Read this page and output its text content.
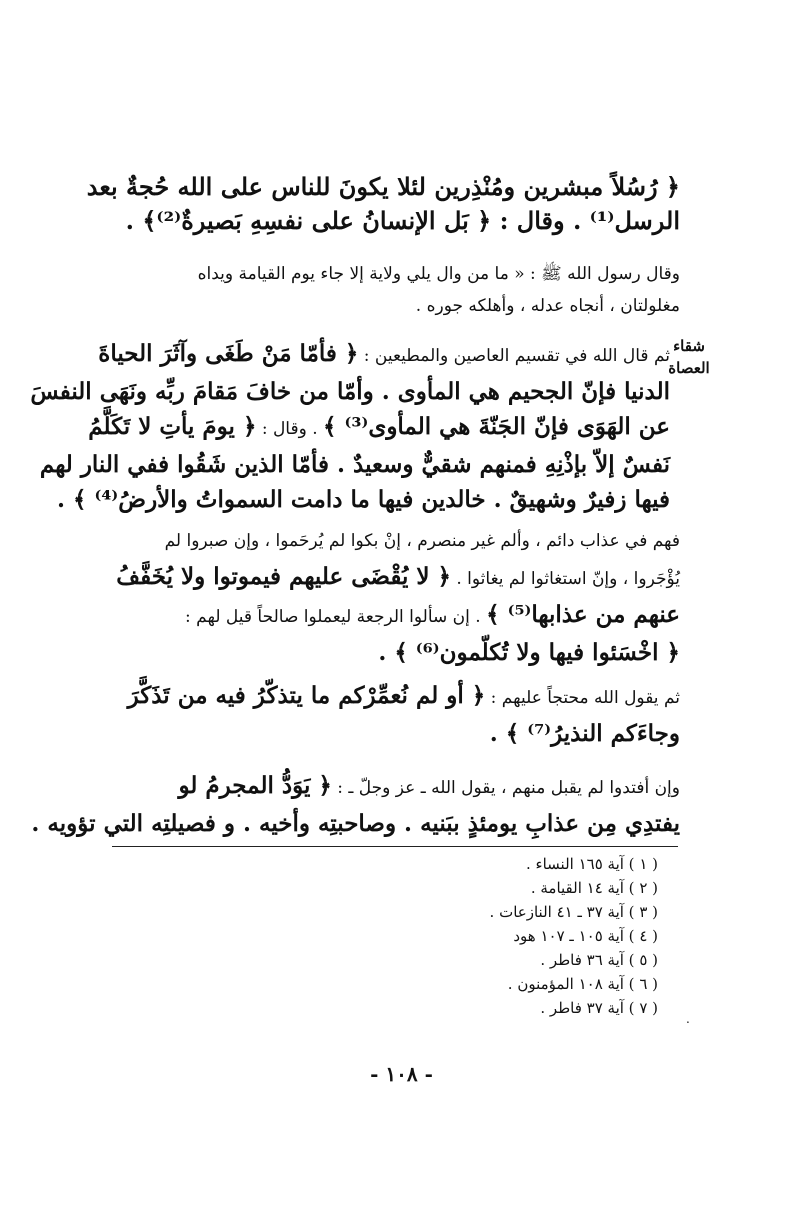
﴿ رُسُلاً مبشرين ومُنْذِرين لئلا يكونَ للناس على الله حُجةٌ بعد
الرسل⁽¹⁾ . وقال : ﴿ بَل الإنسانُ على نفسِهِ بَصيرةٌ⁽²⁾﴾ .
وقال رسول الله ﷺ : « ما من وال يلي ولاية إلا جاء يوم القيامة ويداه
مغلولتان ، أنجاه عدله ، وأهلكه جوره .
شقاء العصاة
ثم قال الله في تقسيم العاصين والمطيعين : ﴿ فأمّا مَنْ طَغَى وآثَرَ الحياةَ
الدنيا فإنّ الجحيم هي المأوى . وأمّا من خافَ مَقامَ ربِّه ونَهَى النفسَ
عن الهَوَى فإنّ الجَنّةَ هي المأوى⁽³⁾ ﴾ . وقال : ﴿ يومَ يأتِ لا تَكَلَّمُ
نَفسٌ إلاّ بإذْنِهِ فمنهم شقيٌّ وسعيدٌ . فأمّا الذين شَقُوا ففي النار لهم
فيها زفيرٌ وشهيقٌ . خالدين فيها ما دامت السمواتُ والأرضُ⁽⁴⁾ ﴾ .
فهم في عذاب دائم ، وألم غير منصرم ، إنْ بكوا لم يُرحَموا ، وإن صبروا لم
يُؤْجَروا ، وإنّ استغاثوا لم يغاثوا . ﴿ لا يُقْضَى عليهم فيموتوا ولا يُخَفَّفُ
عنهم من عذابها⁽⁵⁾ ﴾ . إن سألوا الرجعة ليعملوا صالحاً قيل لهم :
﴿ اخْسَئوا فيها ولا تُكلّمون⁽⁶⁾ ﴾ .
ثم يقول الله محتجاً عليهم : ﴿ أو لم نُعمِّرْكم ما يتذكّرُ فيه من تَذَكَّرَ
وجاءَكم النذيرُ⁽⁷⁾ ﴾ .
وإن أفتدوا لم يقبل منهم ، يقول الله ـ عز وجلّ ـ : ﴿ يَوَدُّ المجرمُ لو
يفتدِي مِن عذابِ يومئذٍ ببَنيه . وصاحبتِه وأخيه . و فصيلتِه التي تؤويه .
( ١ ) آية ١٦٥ النساء .
( ٢ ) آية ١٤ القيامة .
( ٣ ) آية ٣٧ ـ ٤١ النازعات .
( ٤ ) آية ١٠٥ ـ ١٠٧ هود
( ٥ ) آية ٣٦ فاطر .
( ٦ ) آية ١٠٨ المؤمنون .
( ٧ ) آية ٣٧ فاطر .
.
- ١٠٨ -
